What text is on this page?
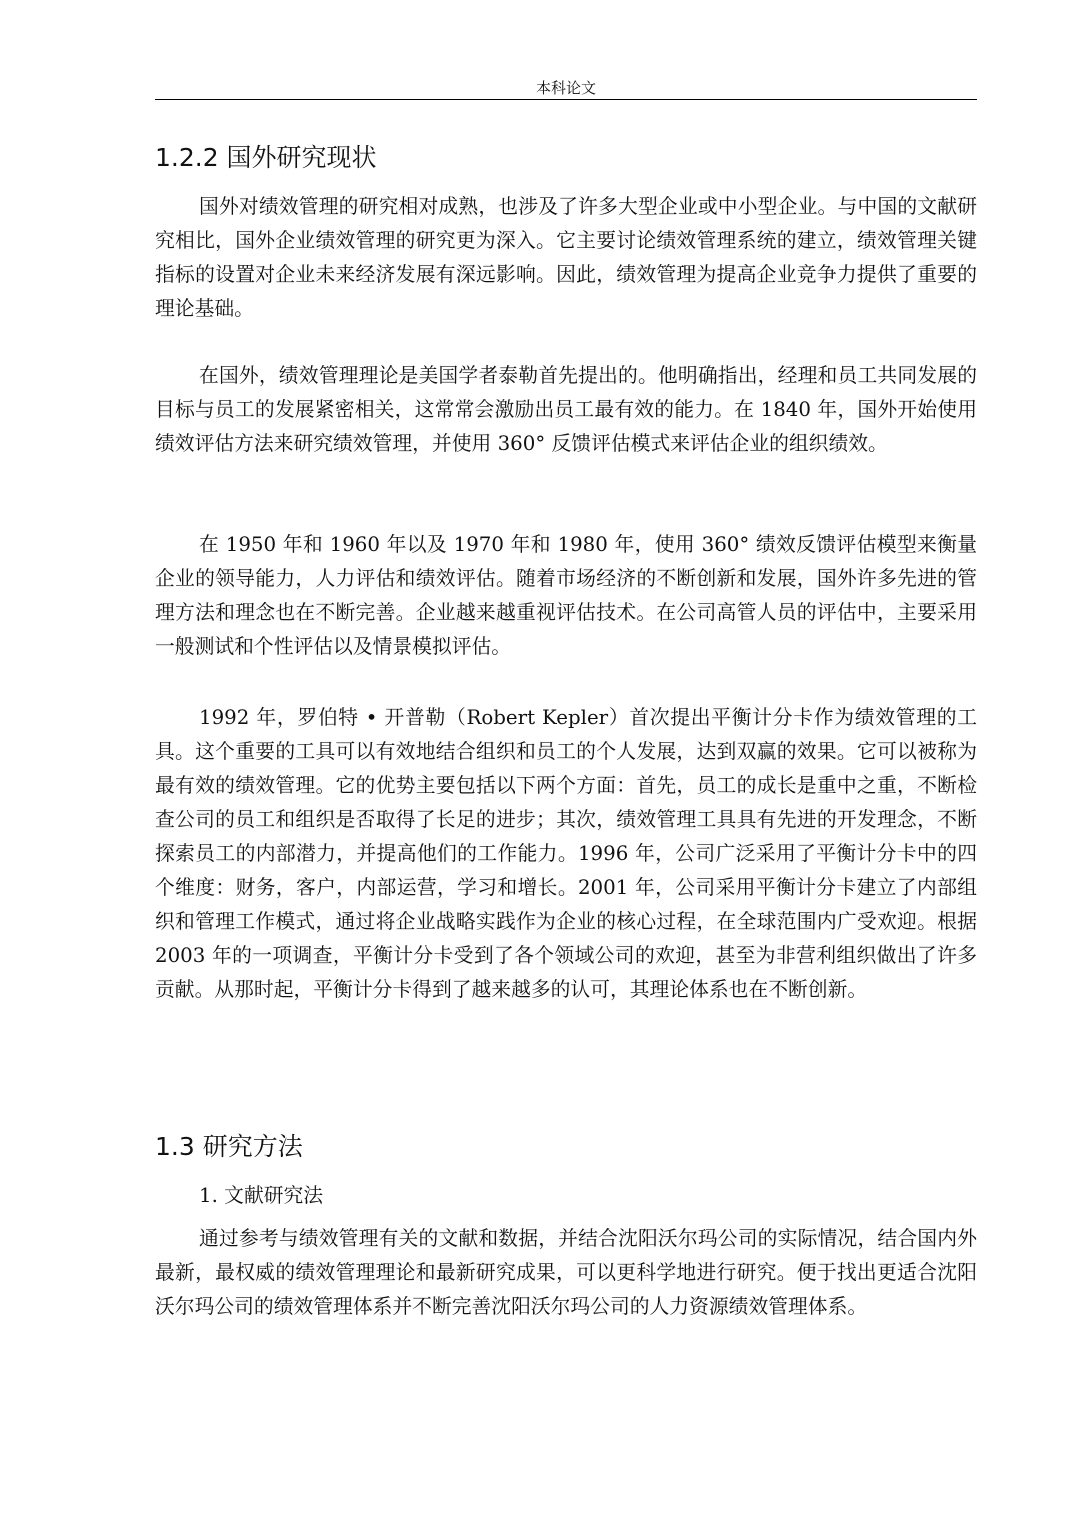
本科论文
1.2.2 国外研究现状

国外对绩效管理的研究相对成熟，也涉及了许多大型企业或中小型企业。与中国的文献研究相比，国外企业绩效管理的研究更为深入。它主要讨论绩效管理系统的建立，绩效管理关键指标的设置对企业未来经济发展有深远影响。因此，绩效管理为提高企业竞争力提供了重要的理论基础。

在国外，绩效管理理论是美国学者泰勒首先提出的。他明确指出，经理和员工共同发展的目标与员工的发展紧密相关，这常常会激励出员工最有效的能力。在 1840 年，国外开始使用绩效评估方法来研究绩效管理，并使用 360° 反馈评估模式来评估企业的组织绩效。

在 1950 年和 1960 年以及 1970 年和 1980 年，使用 360° 绩效反馈评估模型来衡量企业的领导能力，人力评估和绩效评估。随着市场经济的不断创新和发展，国外许多先进的管理方法和理念也在不断完善。企业越来越重视评估技术。在公司高管人员的评估中，主要采用一般测试和个性评估以及情景模拟评估。

1992 年，罗伯特 • 开普勒（Robert Kepler）首次提出平衡计分卡作为绩效管理的工具。这个重要的工具可以有效地结合组织和员工的个人发展，达到双赢的效果。它可以被称为最有效的绩效管理。它的优势主要包括以下两个方面：首先，员工的成长是重中之重，不断检查公司的员工和组织是否取得了长足的进步；其次，绩效管理工具具有先进的开发理念，不断探索员工的内部潜力，并提高他们的工作能力。1996 年，公司广泛采用了平衡计分卡中的四个维度：财务，客户，内部运营，学习和增长。2001 年，公司采用平衡计分卡建立了内部组织和管理工作模式，通过将企业战略实践作为企业的核心过程，在全球范围内广受欢迎。根据 2003 年的一项调查，平衡计分卡受到了各个领域公司的欢迎，甚至为非营利组织做出了许多贡献。从那时起，平衡计分卡得到了越来越多的认可，其理论体系也在不断创新。

1.3 研究方法

1. 文献研究法

通过参考与绩效管理有关的文献和数据，并结合沈阳沃尔玛公司的实际情况，结合国内外最新，最权威的绩效管理理论和最新研究成果，可以更科学地进行研究。便于找出更适合沈阳沃尔玛公司的绩效管理体系并不断完善沈阳沃尔玛公司的人力资源绩效管理体系。
